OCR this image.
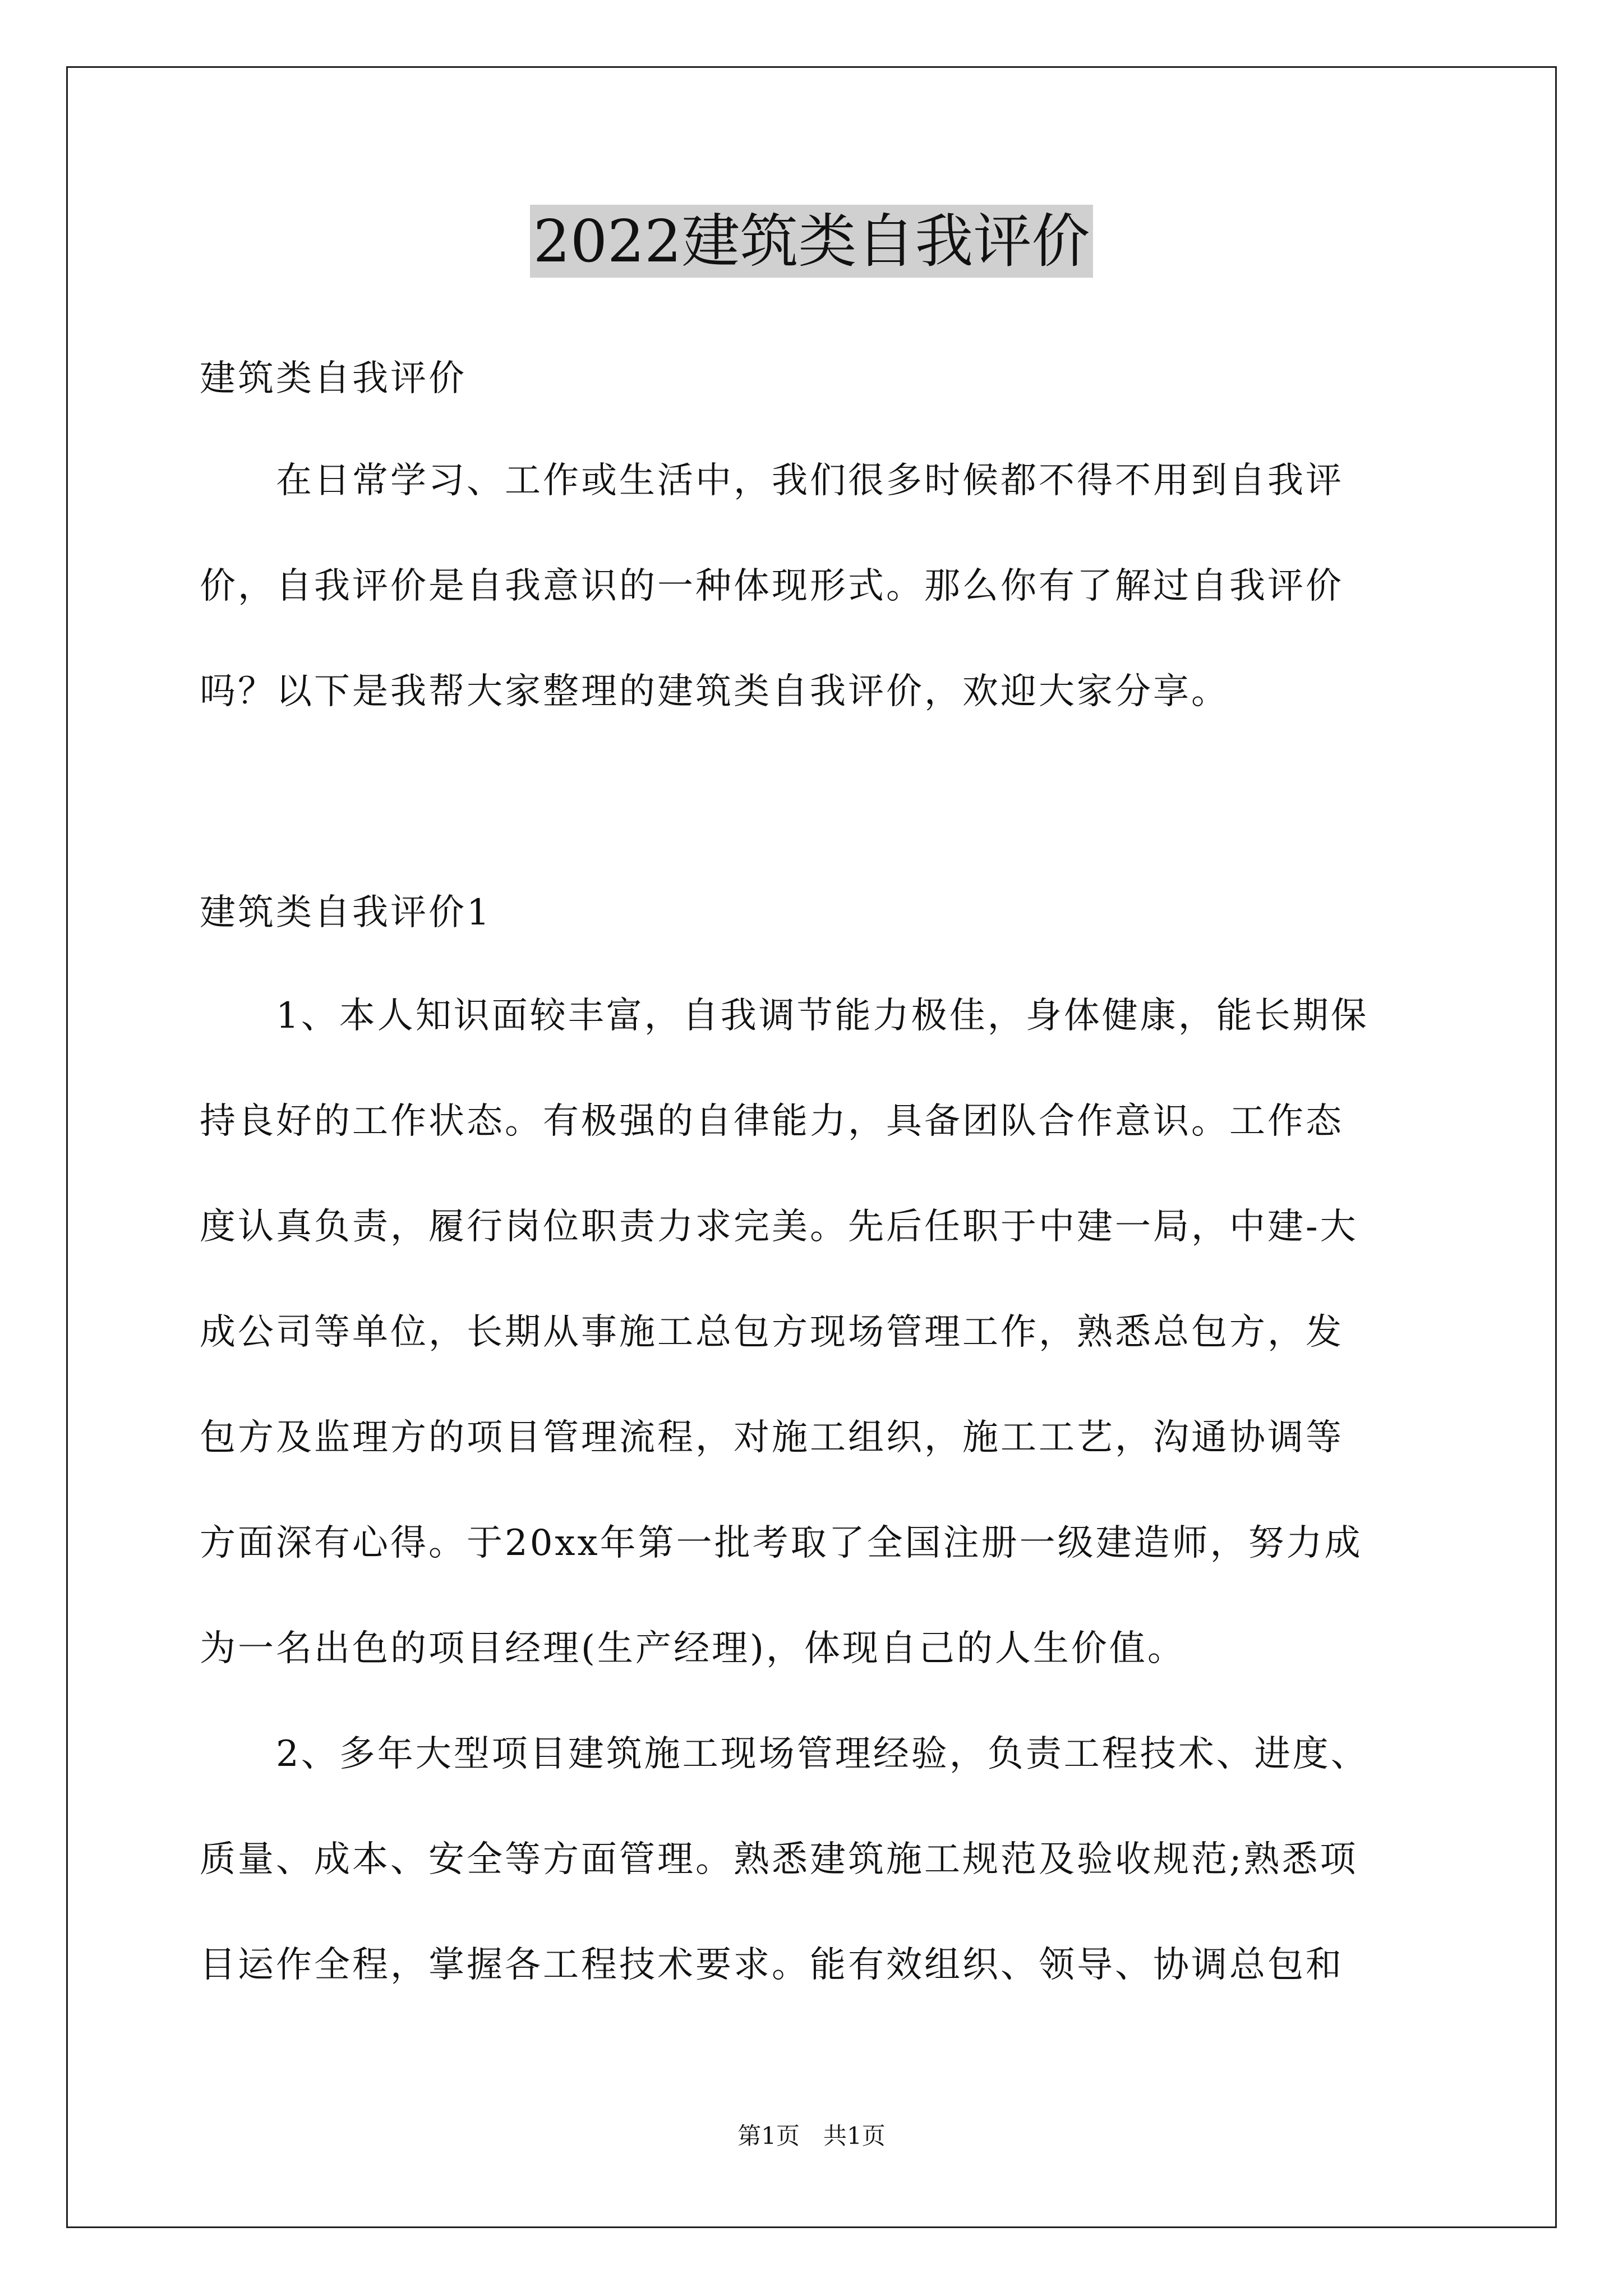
2022建筑类自我评价
建筑类自我评价
　　在日常学习、工作或生活中，我们很多时候都不得不用到自我评
价，自我评价是自我意识的一种体现形式。那么你有了解过自我评价
吗？以下是我帮大家整理的建筑类自我评价，欢迎大家分享。
建筑类自我评价1
　　1、本人知识面较丰富，自我调节能力极佳，身体健康，能长期保
持良好的工作状态。有极强的自律能力，具备团队合作意识。工作态
度认真负责，履行岗位职责力求完美。先后任职于中建一局，中建-大
成公司等单位，长期从事施工总包方现场管理工作，熟悉总包方，发
包方及监理方的项目管理流程，对施工组织，施工工艺，沟通协调等
方面深有心得。于20xx年第一批考取了全国注册一级建造师，努力成
为一名出色的项目经理(生产经理)，体现自己的人生价值。
　　2、多年大型项目建筑施工现场管理经验，负责工程技术、进度、
质量、成本、安全等方面管理。熟悉建筑施工规范及验收规范;熟悉项
目运作全程，掌握各工程技术要求。能有效组织、领导、协调总包和
第1页　共1页
